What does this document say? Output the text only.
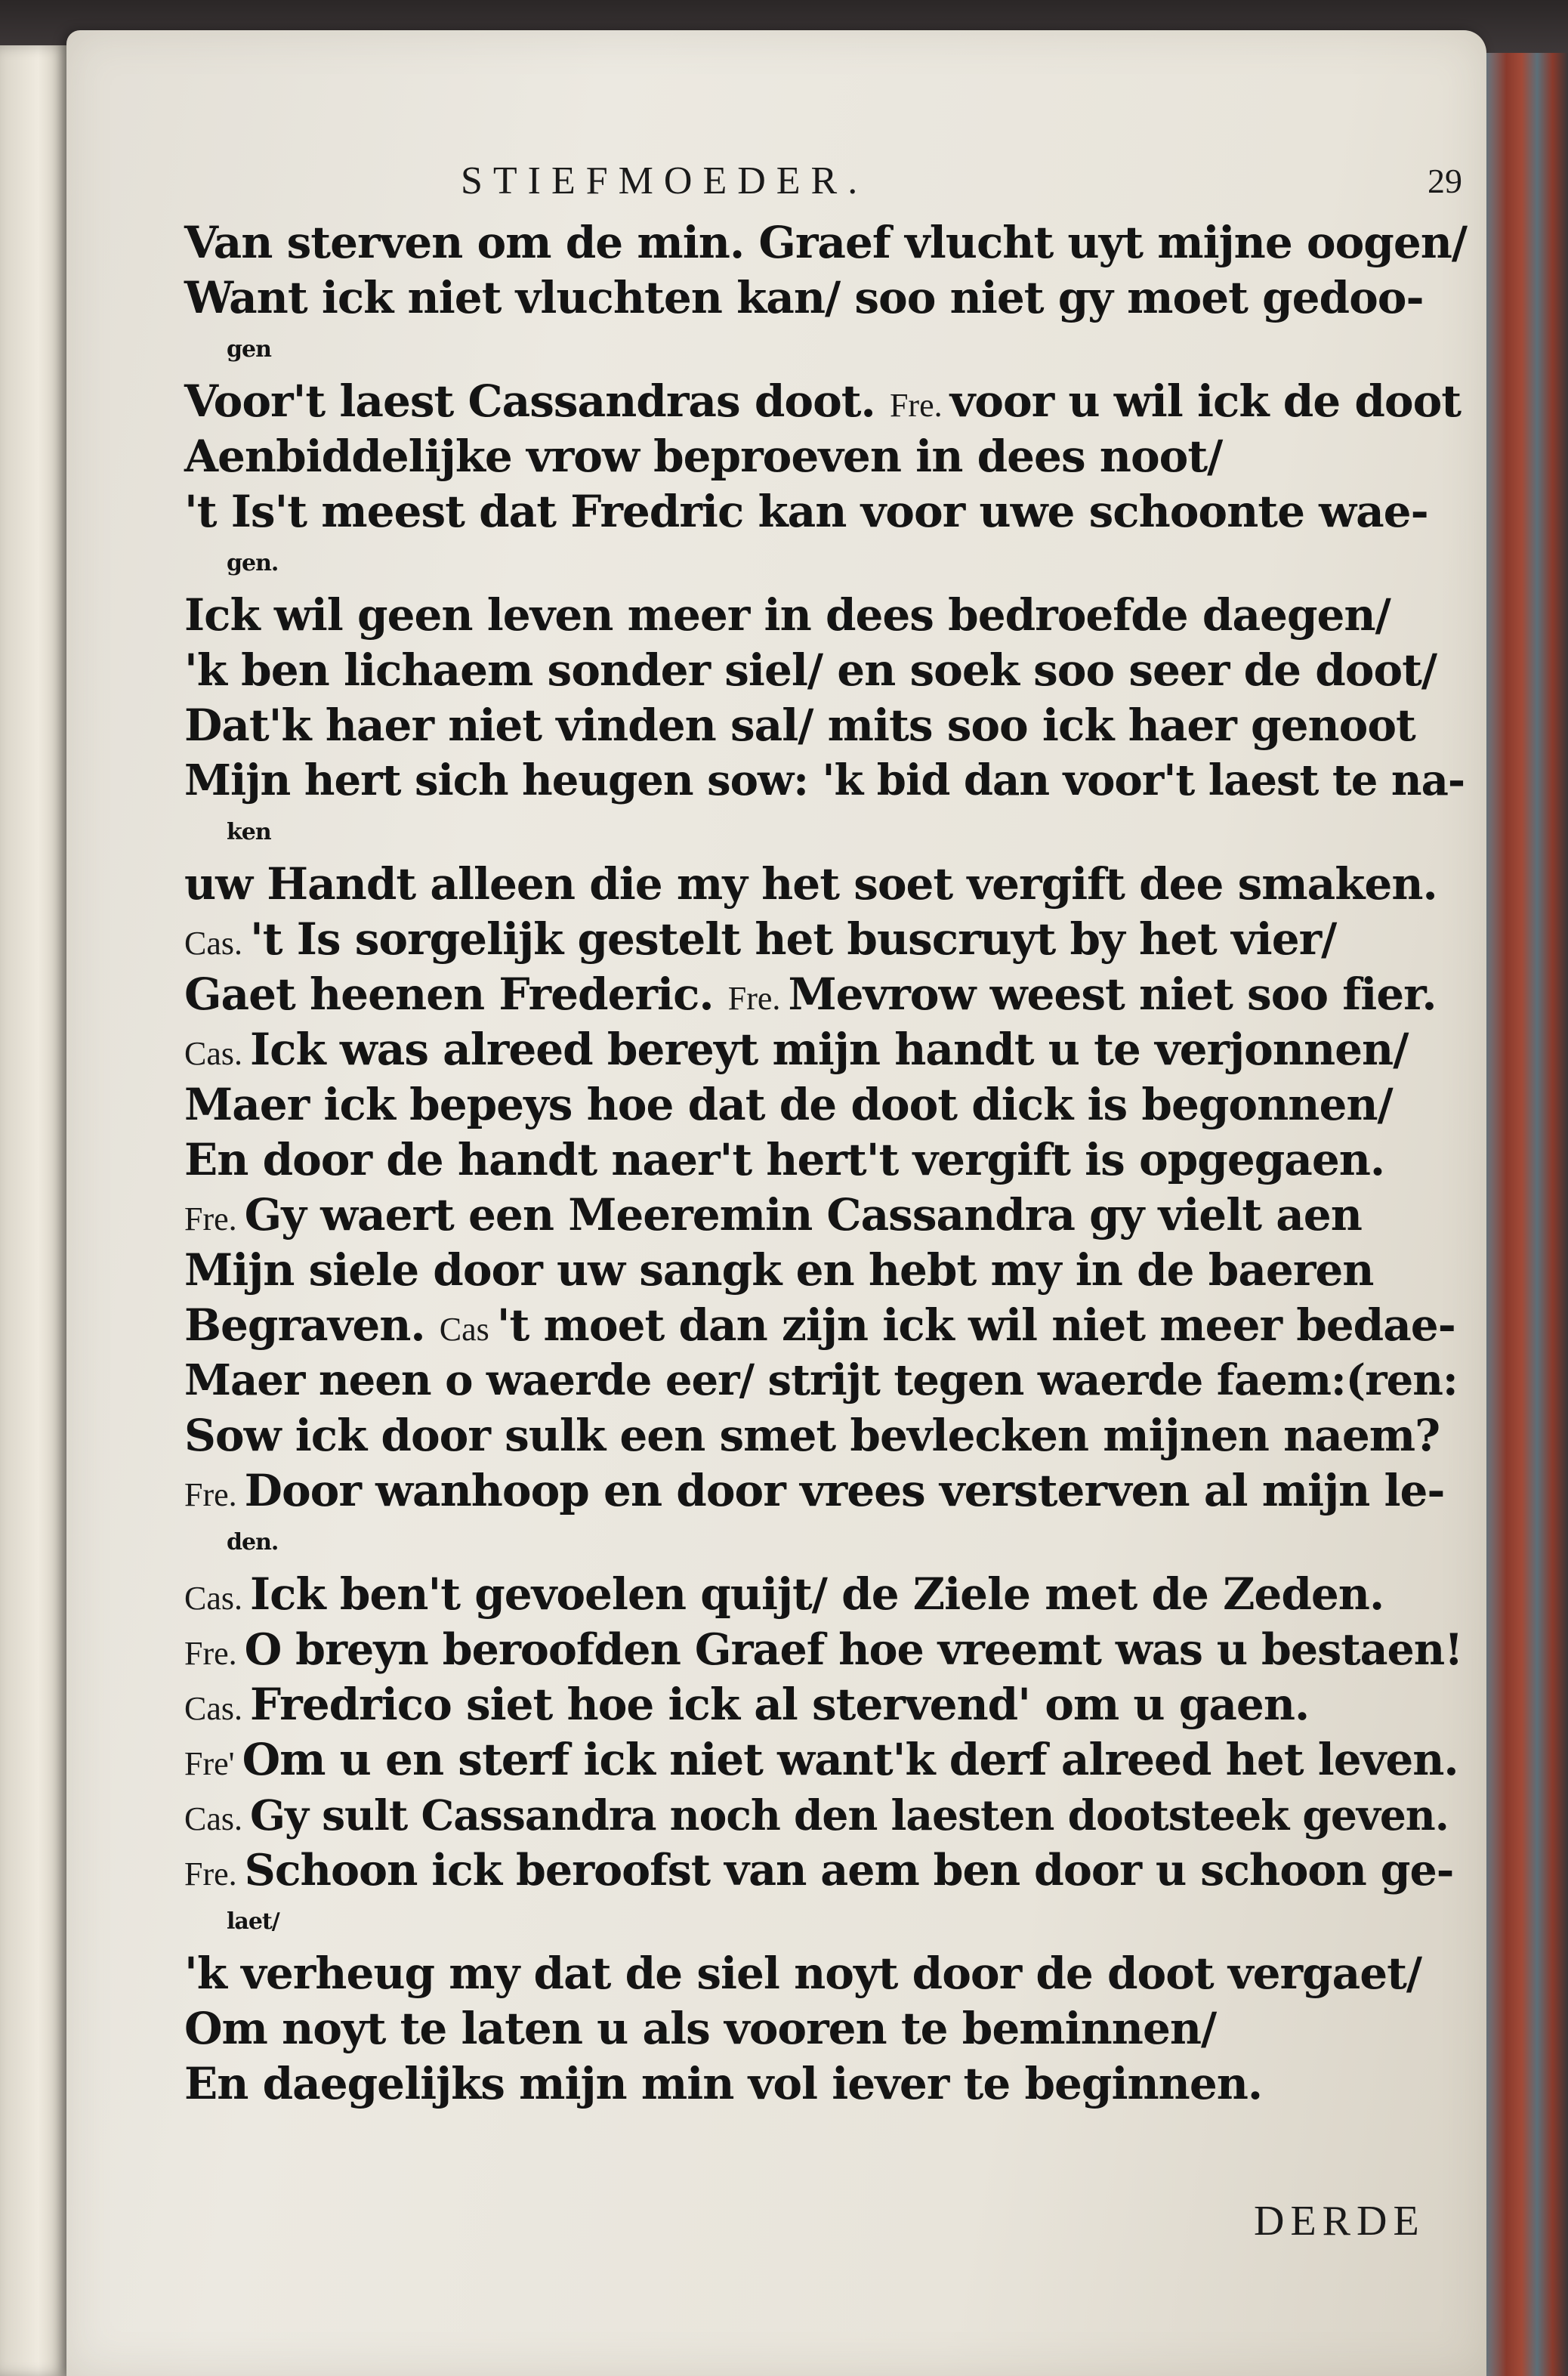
STIEFMOEDER.	29
Van sterven om de min. Graef vlucht uyt mijne oogen/
Want ick niet vluchten kan/ soo niet gy moet gedoo-
gen
Voor't laest Cassandras doot. Fre. voor u wil ick de doot
Aenbiddelijke vrow beproeven in dees noot/
't Is't meest dat Fredric kan voor uwe schoonte wae-
gen.
Ick wil geen leven meer in dees bedroefde daegen/
'k ben lichaem sonder siel/ en soek soo seer de doot/
Dat'k haer niet vinden sal/ mits soo ick haer genoot
Mijn hert sich heugen sow: 'k bid dan voor't laest te na-
ken
uw Handt alleen die my het soet vergift dee smaken.
Cas. 't Is sorgelijk gestelt het buscruyt by het vier/
Gaet heenen Frederic. Fre. Mevrow weest niet soo fier.
Cas. Ick was alreed bereyt mijn handt u te verjonnen/
Maer ick bepeys hoe dat de doot dick is begonnen/
En door de handt naer't hert't vergift is opgegaen.
Fre. Gy waert een Meeremin Cassandra gy vielt aen
Mijn siele door uw sangk en hebt my in de baeren
Begraven. Cas 't moet dan zijn ick wil niet meer bedae-
Maer neen o waerde eer/ strijt tegen waerde faem:(ren:
Sow ick door sulk een smet bevlecken mijnen naem?
Fre. Door wanhoop en door vrees versterven al mijn le-
den.
Cas. Ick ben't gevoelen quijt/ de Ziele met de Zeden.
Fre. O breyn beroofden Graef hoe vreemt was u bestaen!
Cas. Fredrico siet hoe ick al stervend' om u gaen.
Fre' Om u en sterf ick niet want'k derf alreed het leven.
Cas. Gy sult Cassandra noch den laesten dootsteek geven.
Fre. Schoon ick beroofst van aem ben door u schoon ge-
laet/
'k verheug my dat de siel noyt door de doot vergaet/
Om noyt te laten u als vooren te beminnen/
En daegelijks mijn min vol iever te beginnen.
DERDE
